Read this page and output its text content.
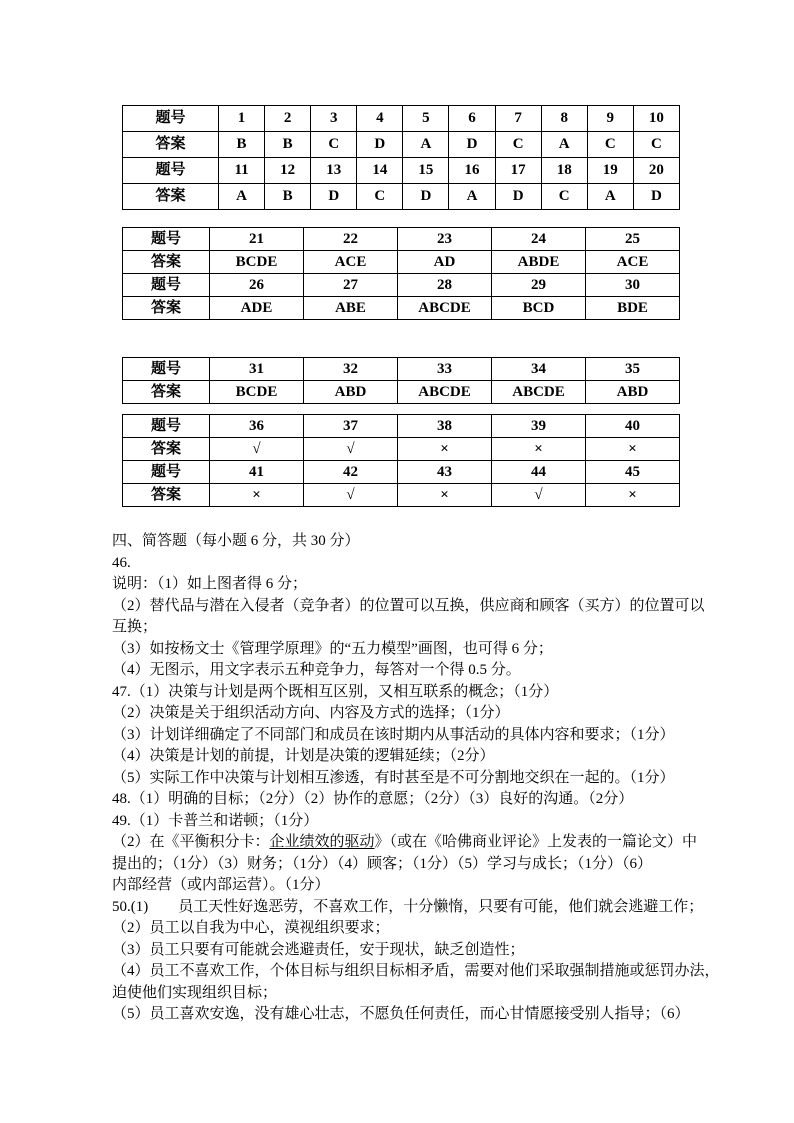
题号	1	2	3	4	5	6	7	8	9	10
答案	B	B	C	D	A	D	C	A	C	C
题号	11	12	13	14	15	16	17	18	19	20
答案	A	B	D	C	D	A	D	C	A	D
题号	21	22	23	24	25
答案	BCDE	ACE	AD	ABDE	ACE
题号	26	27	28	29	30
答案	ADE	ABE	ABCDE	BCD	BDE
题号	31	32	33	34	35
答案	BCDE	ABD	ABCDE	ABCDE	ABD
题号	36	37	38	39	40
答案	√	√	×	×	×
题号	41	42	43	44	45
答案	×	√	×	√	×

四、简答题（每小题 6 分，共 30 分）

46.

说明：（1）如上图者得 6 分；

（2）替代品与潜在入侵者（竞争者）的位置可以互换，供应商和顾客（买方）的位置可以

互换；

（3）如按杨文士《管理学原理》的“五力模型”画图，也可得 6 分；

（4）无图示，用文字表示五种竞争力，每答对一个得 0.5 分。

47.（1）决策与计划是两个既相互区别，又相互联系的概念；（1分）

（2）决策是关于组织活动方向、内容及方式的选择；（1分）

（3）计划详细确定了不同部门和成员在该时期内从事活动的具体内容和要求；（1分）

（4）决策是计划的前提，计划是决策的逻辑延续；（2分）

（5）实际工作中决策与计划相互渗透，有时甚至是不可分割地交织在一起的。（1分）

48.（1）明确的目标；（2分）（2）协作的意愿；（2分）（3）良好的沟通。（2分）

49.（1）卡普兰和诺顿；（1分）

（2）在《平衡积分卡：企业绩效的驱动》（或在《哈佛商业评论》上发表的一篇论文）中

提出的；（1分）（3）财务；（1分）（4）顾客；（1分）（5）学习与成长；（1分）（6）

内部经营（或内部运营）。（1分）

50.(1)　　员工天性好逸恶劳，不喜欢工作，十分懒惰，只要有可能，他们就会逃避工作；

（2）员工以自我为中心，漠视组织要求；

（3）员工只要有可能就会逃避责任，安于现状，缺乏创造性；

（4）员工不喜欢工作，个体目标与组织目标相矛盾，需要对他们采取强制措施或惩罚办法，

迫使他们实现组织目标；

（5）员工喜欢安逸，没有雄心壮志，不愿负任何责任，而心甘情愿接受别人指导；（6）
